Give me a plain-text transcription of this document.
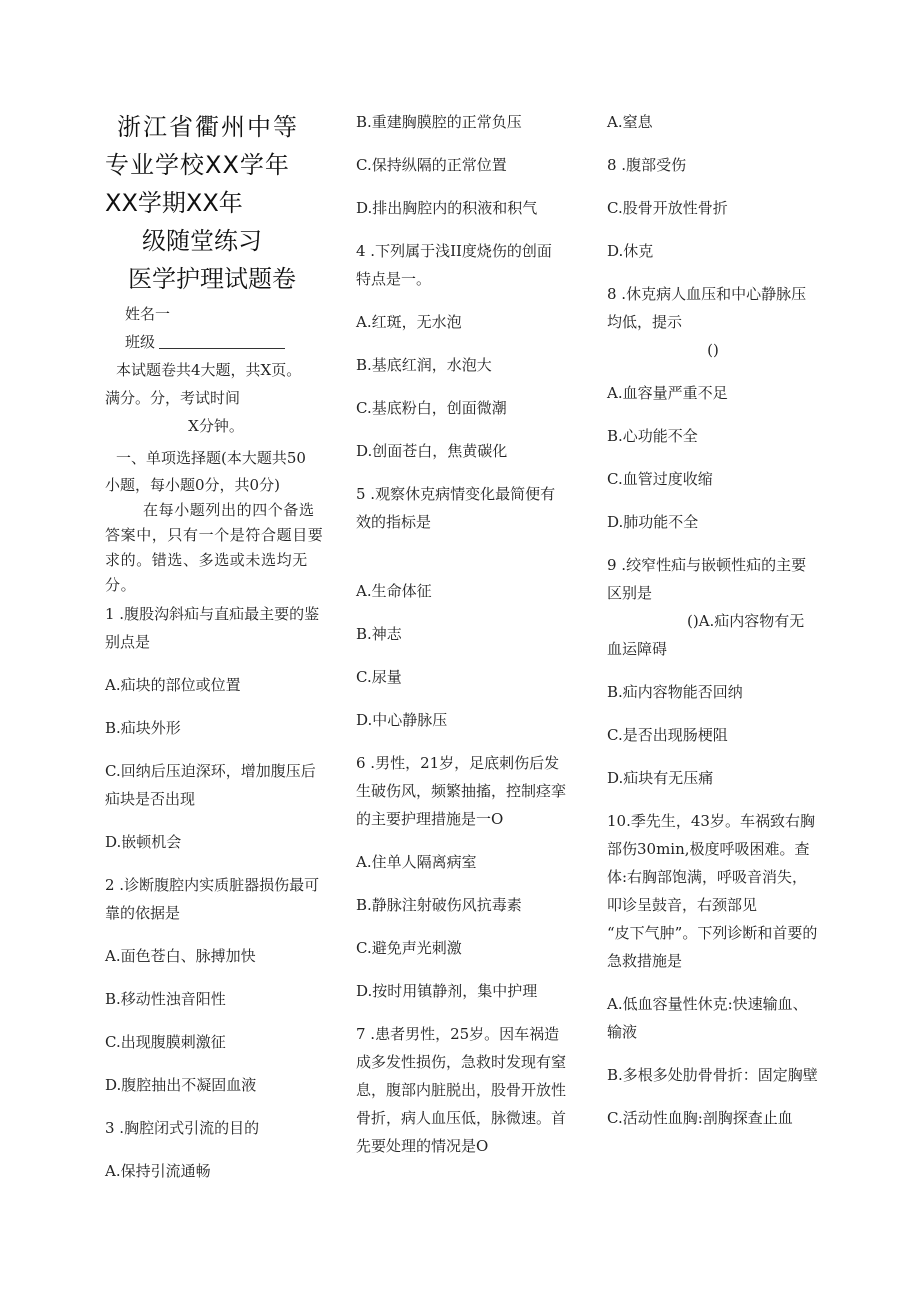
浙江省衢州中等
专业学校XX学年
XX学期XX年
级随堂练习
医学护理试题卷
姓名一
班级

本试题卷共4大题，共X页。

满分。分，考试时间

X分钟。

一、单项选择题(本大题共50

小题，每小题0分，共0分)

在每小题列出的四个备选答案中，只有一个是符合题目要求的。错选、多选或未选均无分。

1 .腹股沟斜疝与直疝最主要的鉴别点是

A.疝块的部位或位置

B.疝块外形

C.回纳后压迫深环，增加腹压后疝块是否出现

D.嵌顿机会

2 .诊断腹腔内实质脏器损伤最可靠的依据是

A.面色苍白、脉搏加快

B.移动性浊音阳性

C.出现腹膜刺激征

D.腹腔抽出不凝固血液

3 .胸腔闭式引流的目的

A.保持引流通畅

B.重建胸膜腔的正常负压

C.保持纵隔的正常位置

D.排出胸腔内的积液和积气

4 .下列属于浅II度烧伤的创面特点是一。

A.红斑，无水泡

B.基底红润，水泡大

C.基底粉白，创面微潮

D.创面苍白，焦黄碳化

5 .观察休克病情变化最简便有效的指标是

A.生命体征

B.神志

C.尿量

D.中心静脉压

6 .男性，21岁，足底刺伤后发生破伤风，频繁抽搐，控制痉挛的主要护理措施是一O

A.住单人隔离病室

B.静脉注射破伤风抗毒素

C.避免声光刺激

D.按时用镇静剂，集中护理

7 .患者男性，25岁。因车祸造成多发性损伤，急救时发现有窒息，腹部内脏脱出，股骨开放性骨折，病人血压低，脉微速。首先要处理的情况是O

A.窒息

8 .腹部受伤

C.股骨开放性骨折

D.休克

8 .休克病人血压和中心静脉压均低，提示

()

A.血容量严重不足

B.心功能不全

C.血管过度收缩

D.肺功能不全

9 .绞窄性疝与嵌顿性疝的主要区别是

()A.疝内容物有无血运障碍

B.疝内容物能否回纳

C.是否出现肠梗阻

D.疝块有无压痛

10.季先生，43岁。车祸致右胸部伤30min,极度呼吸困难。查体:右胸部饱满，呼吸音消失，叩诊呈鼓音，右颈部见

“皮下气肿”。下列诊断和首要的急救措施是

A.低血容量性休克:快速输血、输液

B.多根多处肋骨骨折：固定胸壁

C.活动性血胸:剖胸探查止血
